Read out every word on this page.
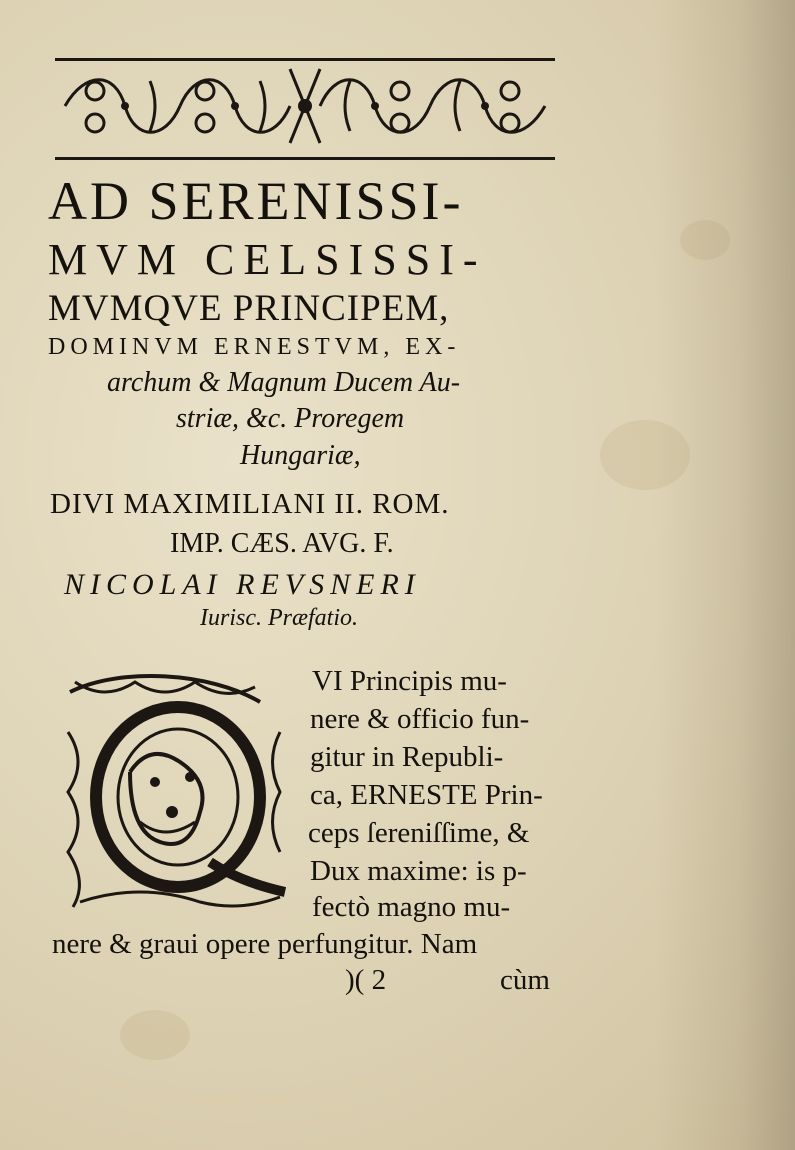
AD SERENISSI-
MVM CELSISSI-
MVMQVE PRINCIPEM,
DOMINVM ERNESTVM, EX-
archum & Magnum Ducem Au-
striæ, &c. Proregem
Hungariæ,
DIVI MAXIMILIANI II. ROM.
IMP. CÆS. AVG. F.
NICOLAI REVSNERI
Iurisc. Præfatio.
VI Principis mu-
nere & officio fun-
gitur in Republi-
ca, ERNESTE Prin-
ceps ſereniſſime, &
Dux maxime: is p-
fectò magno mu-
nere & graui opere perfungitur. Nam
)( 2	cùm
